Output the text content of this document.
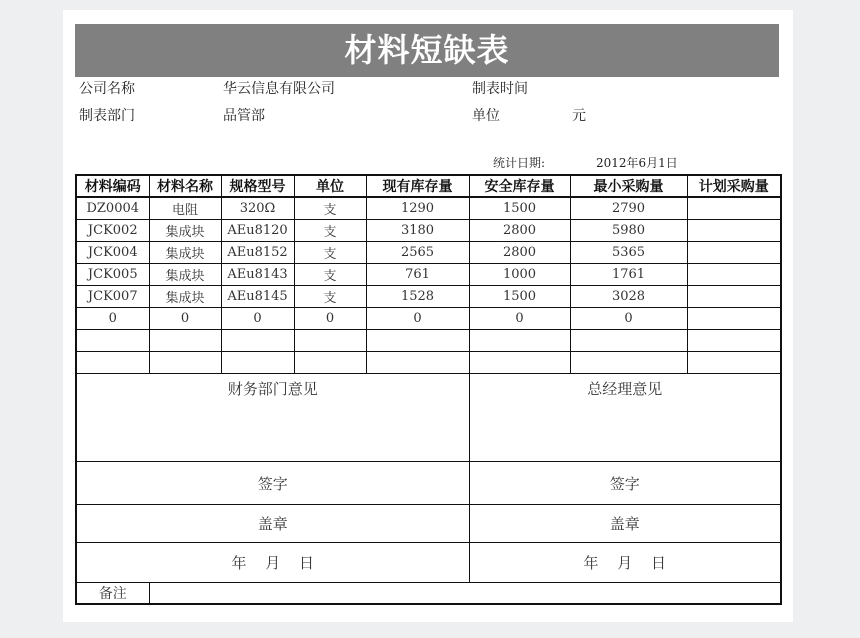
材料短缺表
公司名称	华云信息有限公司	制表时间
制表部门	品管部	单位	元
统计日期:	2012年6月1日
材料编码	材料名称	规格型号	单位	现有库存量	安全库存量	最小采购量	计划采购量
DZ0004	电阻	320Ω	支	1290	1500	2790	
JCK002	集成块	AEu8120	支	3180	2800	5980	
JCK004	集成块	AEu8152	支	2565	2800	5365	
JCK005	集成块	AEu8143	支	761	1000	1761	
JCK007	集成块	AEu8145	支	1528	1500	3028	
0	0	0	0	0	0	0	

财务部门意见					总经理意见		
签字					签字		
盖章					盖章		
年 月 日					年 月 日		
备注							
